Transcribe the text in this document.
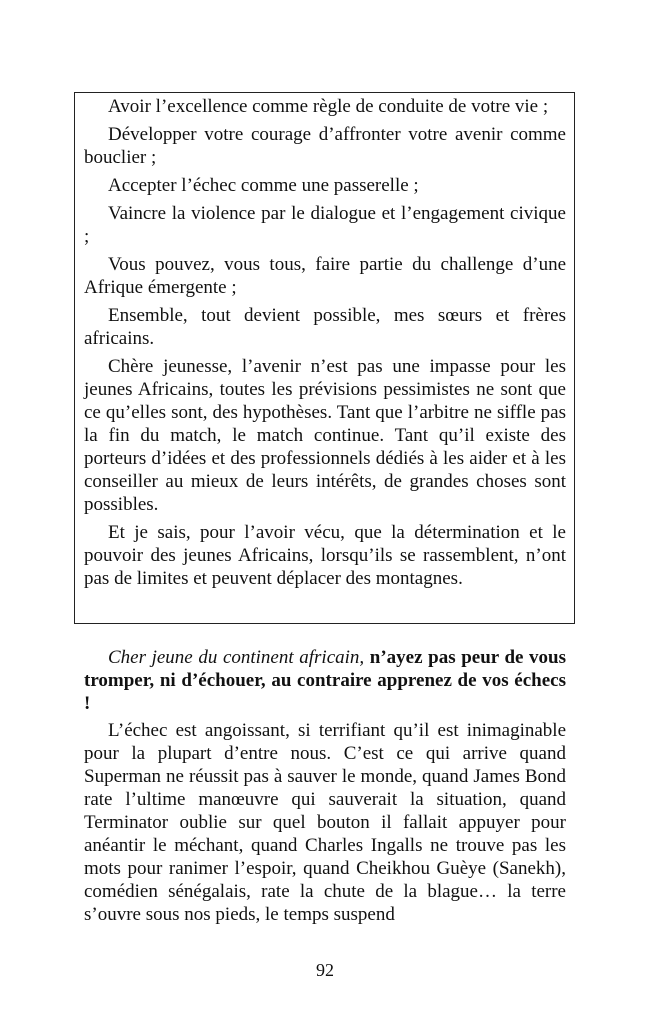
Avoir l’excellence comme règle de conduite de votre vie ;

Développer votre courage d’affronter votre avenir comme bouclier ;

Accepter l’échec comme une passerelle ;

Vaincre la violence par le dialogue et l’engagement civique ;

Vous pouvez, vous tous, faire partie du challenge d’une Afrique émergente ;

Ensemble, tout devient possible, mes sœurs et frères africains.

Chère jeunesse, l’avenir n’est pas une impasse pour les jeunes Africains, toutes les prévisions pessimistes ne sont que ce qu’elles sont, des hypothèses. Tant que l’arbitre ne siffle pas la fin du match, le match continue. Tant qu’il existe des porteurs d’idées et des professionnels dédiés à les aider et à les conseiller au mieux de leurs intérêts, de grandes choses sont possibles.

Et je sais, pour l’avoir vécu, que la détermination et le pouvoir des jeunes Africains, lorsqu’ils se rassemblent, n’ont pas de limites et peuvent déplacer des montagnes.

Cher jeune du continent africain, n’ayez pas peur de vous tromper, ni d’échouer, au contraire apprenez de vos échecs !

L’échec est angoissant, si terrifiant qu’il est inimaginable pour la plupart d’entre nous. C’est ce qui arrive quand Superman ne réussit pas à sauver le monde, quand James Bond rate l’ultime manœuvre qui sauverait la situation, quand Terminator oublie sur quel bouton il fallait appuyer pour anéantir le méchant, quand Charles Ingalls ne trouve pas les mots pour ranimer l’espoir, quand Cheikhou Guèye (Sanekh), comédien sénégalais, rate la chute de la blague… la terre s’ouvre sous nos pieds, le temps suspend

92
